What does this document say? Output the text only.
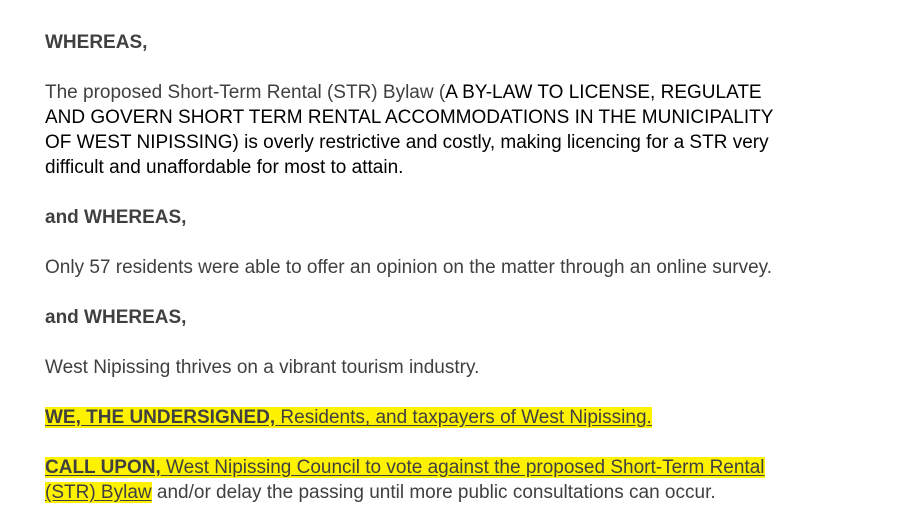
WHEREAS,
The proposed Short-Term Rental (STR) Bylaw (A BY-LAW TO LICENSE, REGULATE
AND GOVERN SHORT TERM RENTAL ACCOMMODATIONS IN THE MUNICIPALITY
OF WEST NIPISSING) is overly restrictive and costly, making licencing for a STR very
difficult and unaffordable for most to attain.
and WHEREAS,
Only 57 residents were able to offer an opinion on the matter through an online survey.
and WHEREAS,
West Nipissing thrives on a vibrant tourism industry.
WE, THE UNDERSIGNED, Residents, and taxpayers of West Nipissing.
CALL UPON, West Nipissing Council to vote against the proposed Short-Term Rental
(STR) Bylaw and/or delay the passing until more public consultations can occur.
